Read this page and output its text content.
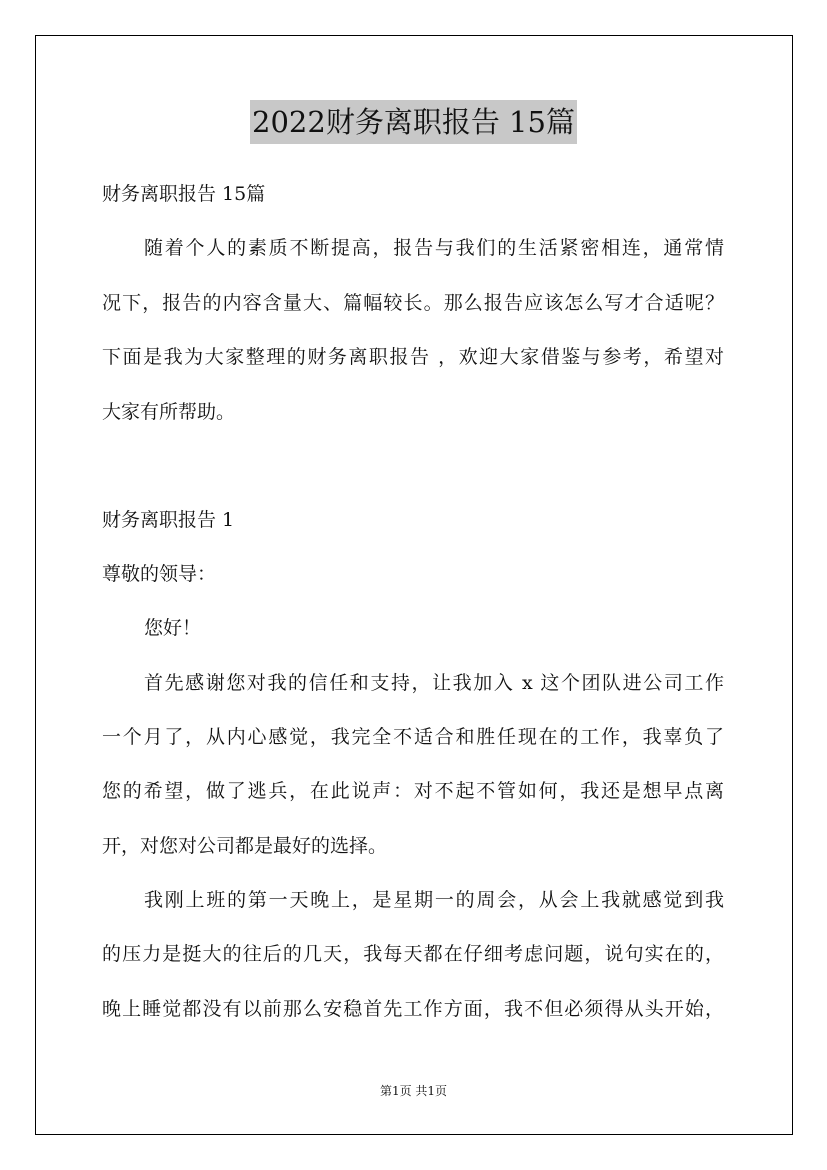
2022财务离职报告 15篇
财务离职报告 15篇
随着个人的素质不断提高，报告与我们的生活紧密相连，通常情
况下，报告的内容含量大、篇幅较长。那么报告应该怎么写才合适呢？
下面是我为大家整理的财务离职报告 ，欢迎大家借鉴与参考，希望对
大家有所帮助。
财务离职报告 1
尊敬的领导：
您好！
首先感谢您对我的信任和支持，让我加入 x 这个团队进公司工作
一个月了，从内心感觉，我完全不适合和胜任现在的工作，我辜负了
您的希望，做了逃兵，在此说声：对不起不管如何，我还是想早点离
开，对您对公司都是最好的选择。
我刚上班的第一天晚上，是星期一的周会，从会上我就感觉到我
的压力是挺大的往后的几天，我每天都在仔细考虑问题，说句实在的，
晚上睡觉都没有以前那么安稳首先工作方面，我不但必须得从头开始，
第1页 共1页
